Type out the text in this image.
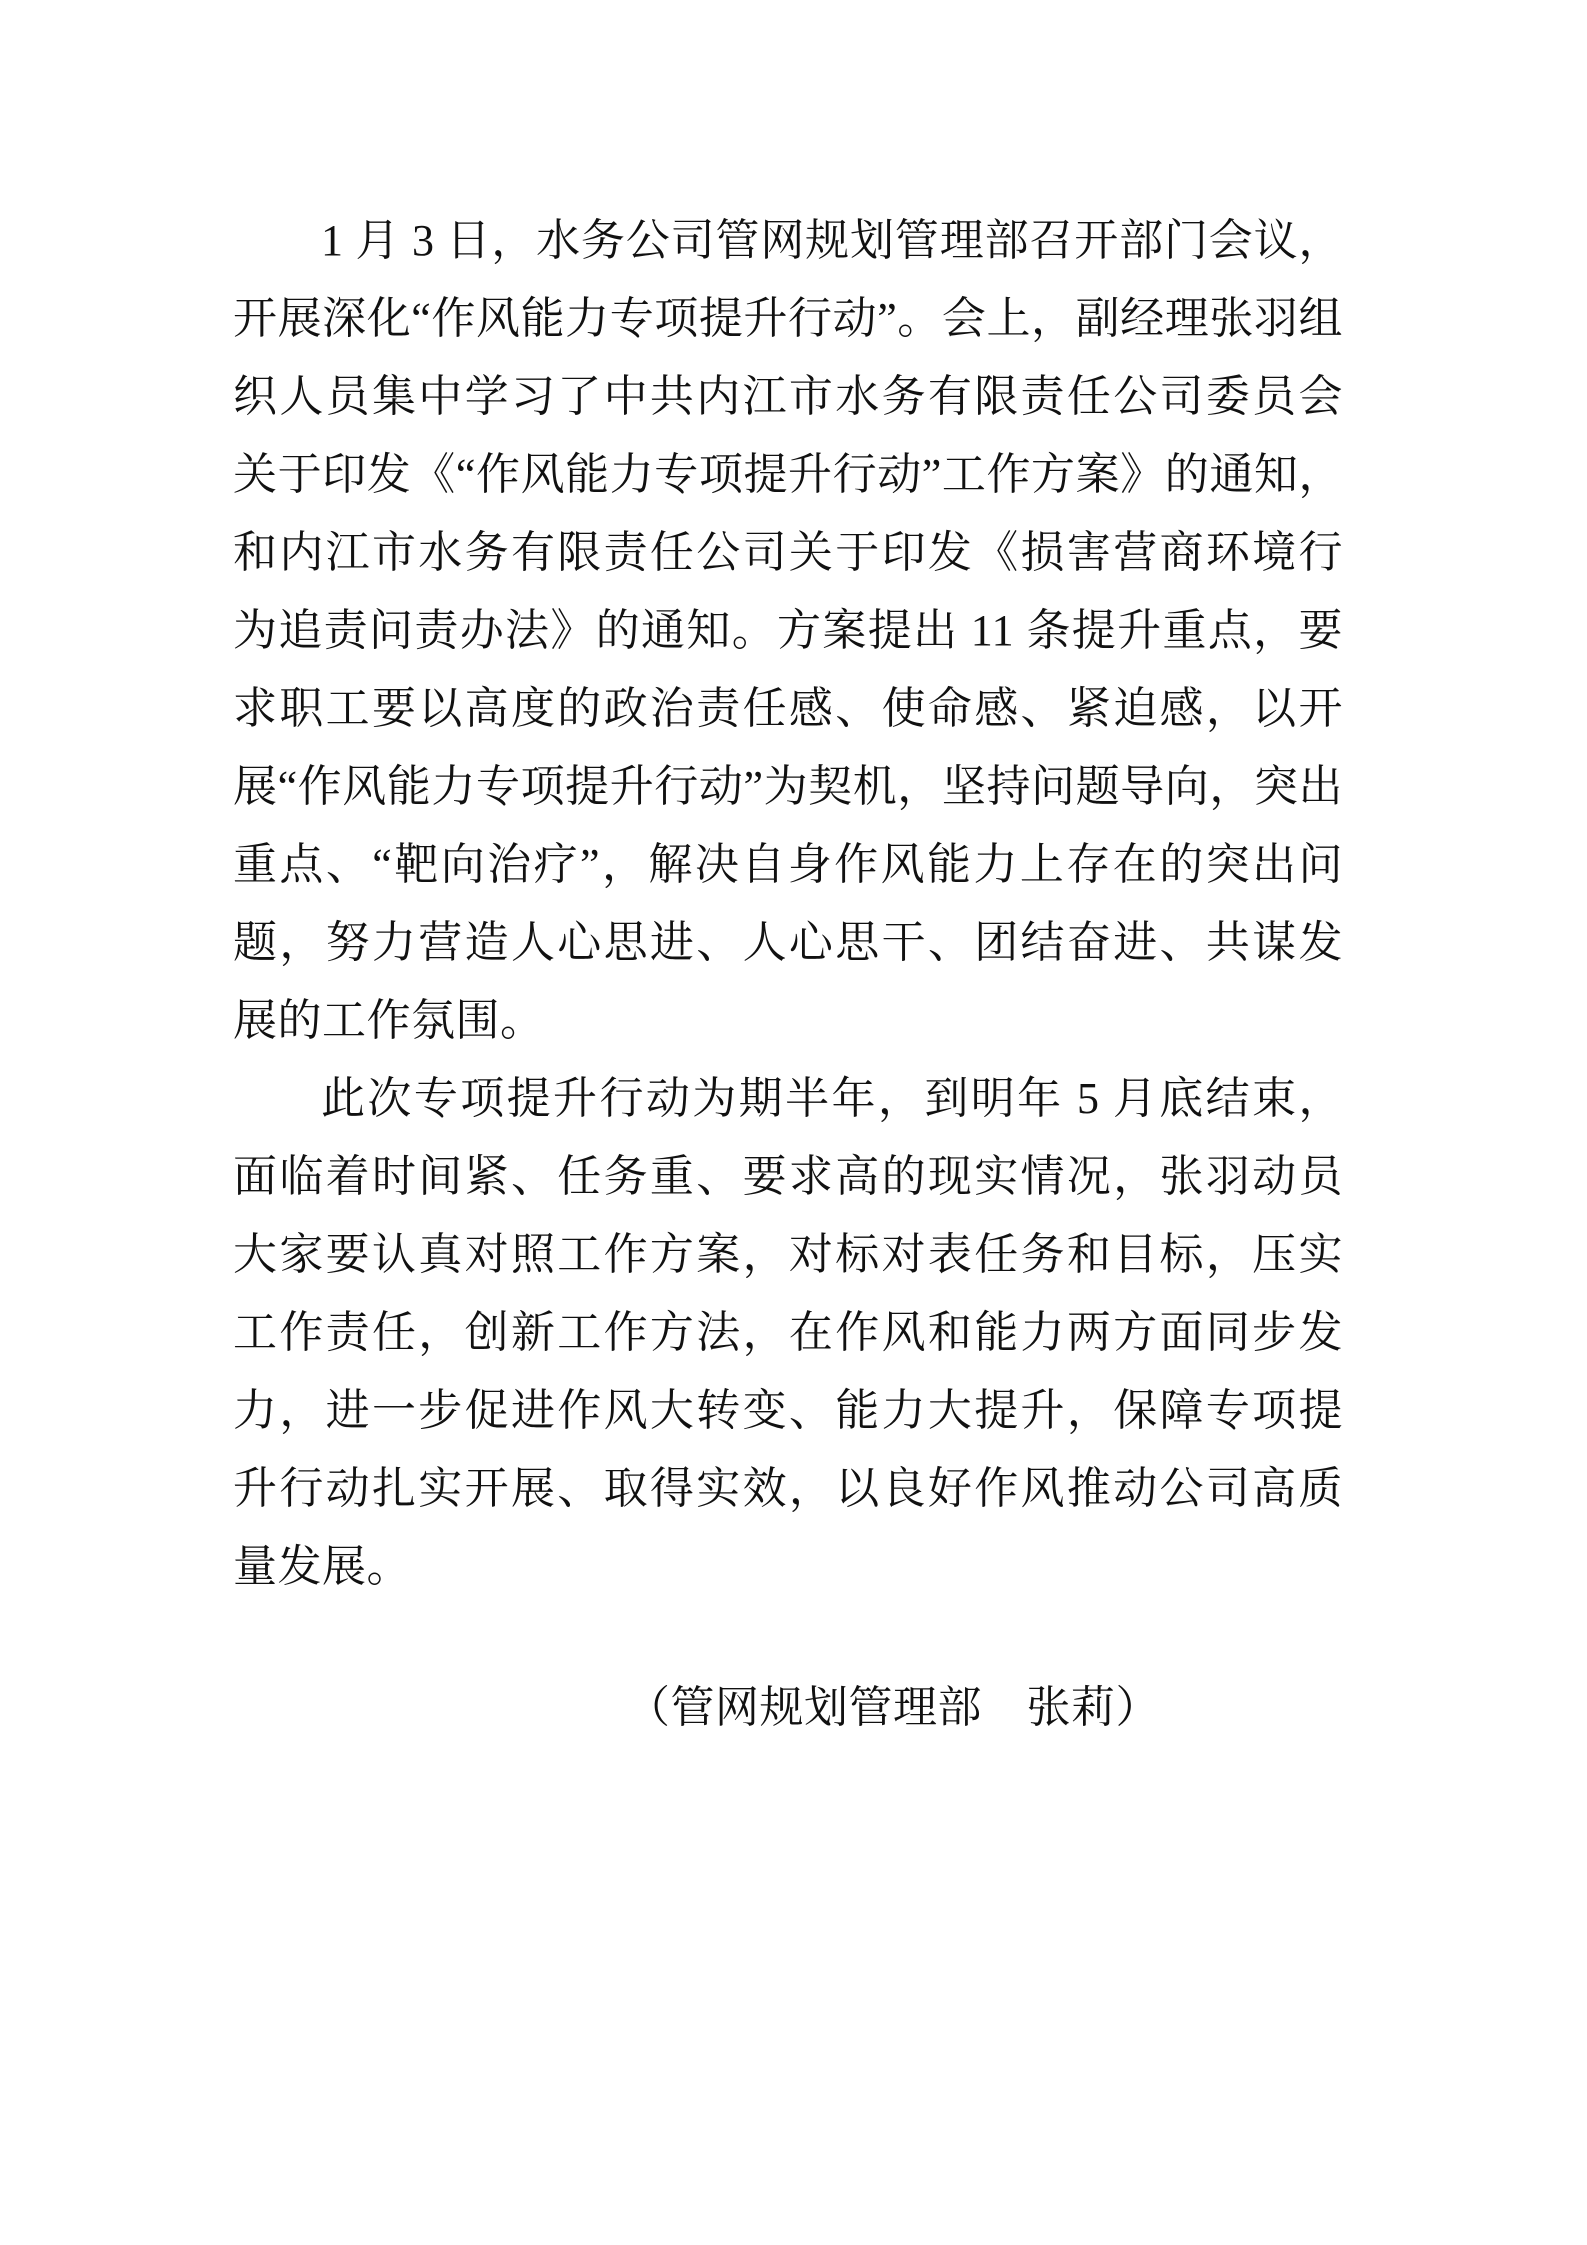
1 月 3 日，水务公司管网规划管理部召开部门会议，开展深化“作风能力专项提升行动”。会上，副经理张羽组织人员集中学习了中共内江市水务有限责任公司委员会关于印发《“作风能力专项提升行动”工作方案》的通知，和内江市水务有限责任公司关于印发《损害营商环境行为追责问责办法》的通知。方案提出 11 条提升重点，要求职工要以高度的政治责任感、使命感、紧迫感，以开展“作风能力专项提升行动”为契机，坚持问题导向，突出重点、“靶向治疗”，解决自身作风能力上存在的突出问题，努力营造人心思进、人心思干、团结奋进、共谋发展的工作氛围。

此次专项提升行动为期半年，到明年 5 月底结束，面临着时间紧、任务重、要求高的现实情况，张羽动员大家要认真对照工作方案，对标对表任务和目标，压实工作责任，创新工作方法，在作风和能力两方面同步发力，进一步促进作风大转变、能力大提升，保障专项提升行动扎实开展、取得实效，以良好作风推动公司高质量发展。

（管网规划管理部　张莉）
